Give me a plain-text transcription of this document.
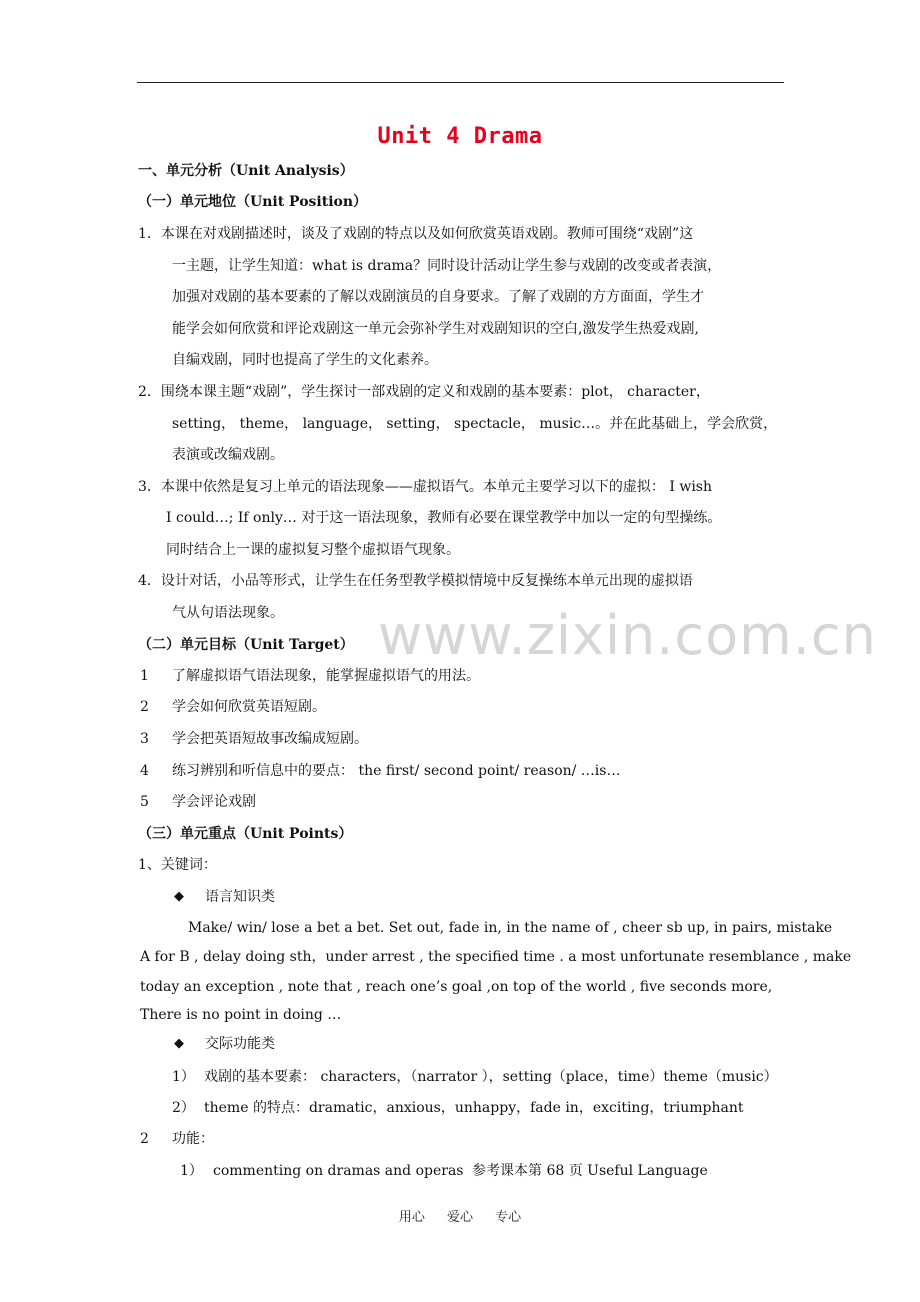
www.zixin.com.cn
Unit 4 Drama
一、单元分析（Unit Analysis）
（一）单元地位（Unit Position）
1．本课在对戏剧描述时，谈及了戏剧的特点以及如何欣赏英语戏剧。教师可围绕“戏剧”这
一主题，让学生知道：what is drama？同时设计活动让学生参与戏剧的改变或者表演，
加强对戏剧的基本要素的了解以戏剧演员的自身要求。了解了戏剧的方方面面，学生才
能学会如何欣赏和评论戏剧这一单元会弥补学生对戏剧知识的空白,激发学生热爱戏剧,
自编戏剧，同时也提高了学生的文化素养。
2．围绕本课主题“戏剧”，学生探讨一部戏剧的定义和戏剧的基本要素：plot， character，
setting， theme， language， setting， spectacle， music…。并在此基础上，学会欣赏，
表演或改编戏剧。
3．本课中依然是复习上单元的语法现象——虚拟语气。本单元主要学习以下的虚拟： I wish
I could…; If only… 对于这一语法现象，教师有必要在课堂教学中加以一定的句型操练。
同时结合上一课的虚拟复习整个虚拟语气现象。
4．设计对话，小品等形式，让学生在任务型教学模拟情境中反复操练本单元出现的虚拟语
气从句语法现象。
（二）单元目标（Unit Target）
1 了解虚拟语气语法现象，能掌握虚拟语气的用法。
2 学会如何欣赏英语短剧。
3 学会把英语短故事改编成短剧。
4 练习辨别和听信息中的要点： the first/ second point/ reason/ …is…
5 学会评论戏剧
（三）单元重点（Unit Points）
1、关键词：
◆ 语言知识类
Make/ win/ lose a bet a bet. Set out, fade in, in the name of , cheer sb up, in pairs, mistake
A for B , delay doing sth，under arrest , the specified time . a most unfortunate resemblance , make
today an exception , note that , reach one’s goal ,on top of the world , five seconds more,
There is no point in doing …
◆ 交际功能类
1） 戏剧的基本要素： characters，（narrator ），setting（place，time）theme（music）
2） theme 的特点：dramatic，anxious，unhappy，fade in，exciting，triumphant
2 功能：
1） commenting on dramas and operas 参考课本第 68 页 Useful Language
用心 爱心 专心
